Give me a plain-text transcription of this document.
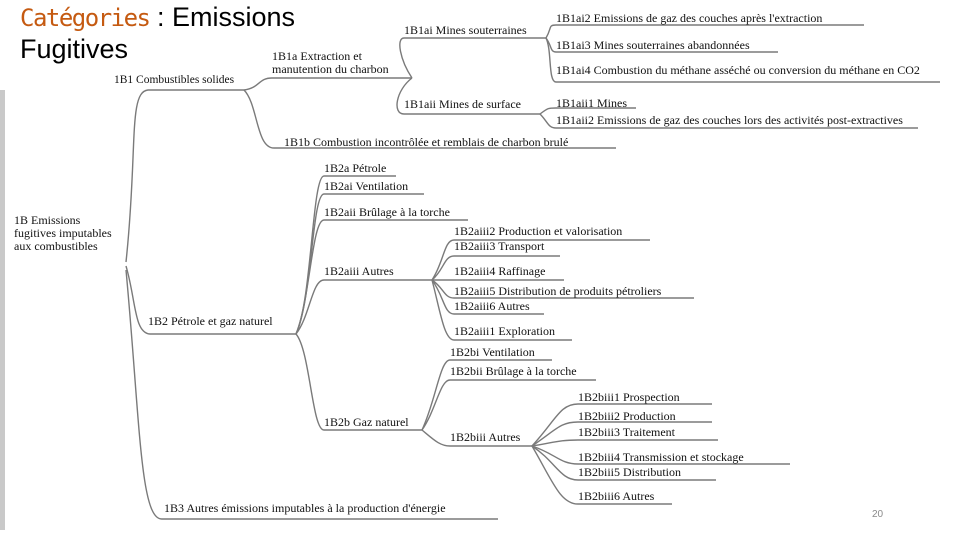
Catégories : Emissions
Fugitives
1B Emissions
fugitives imputables
aux combustibles
1B1 Combustibles solides
1B1a Extraction et
manutention du charbon
1B1ai Mines souterraines
1B1ai2 Emissions de gaz des couches après l'extraction
1B1ai3 Mines souterraines abandonnées
1B1ai4 Combustion du méthane asséché ou conversion du méthane en CO2
1B1aii Mines de surface	1B1aii1 Mines
1B1aii2 Emissions de gaz des couches lors des activités post-extractives
1B1b Combustion incontrôlée et remblais de charbon brulé
1B2 Pétrole et gaz naturel
1B2a Pétrole
1B2ai Ventilation
1B2aii Brûlage à la torche
1B2aiii Autres
1B2aiii2 Production et valorisation
1B2aiii3 Transport
1B2aiii4 Raffinage
1B2aiii5 Distribution de produits pétroliers
1B2aiii6 Autres
1B2aiii1 Exploration
1B2b Gaz naturel
1B2bi Ventilation
1B2bii Brûlage à la torche
1B2biii Autres
1B2biii1 Prospection
1B2biii2 Production
1B2biii3 Traitement
1B2biii4 Transmission et stockage
1B2biii5 Distribution
1B2biii6 Autres
1B3 Autres émissions imputables à la production d'énergie	20
